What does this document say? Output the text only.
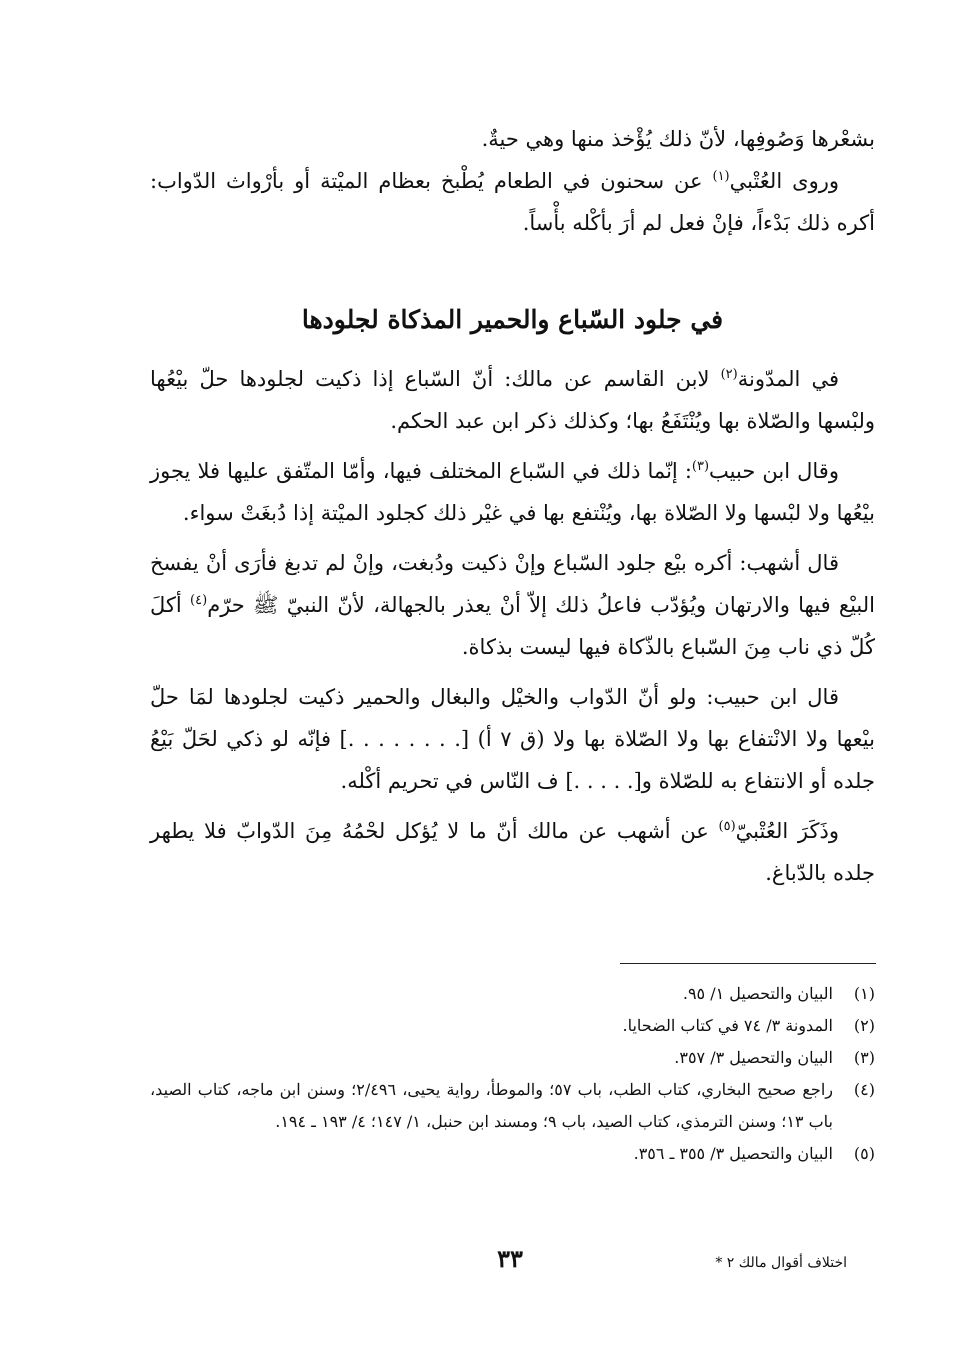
بشعْرها وَصُوفِها، لأنّ ذلك يُؤْخذ منها وهي حيةٌ.

وروى العُتْبي$^{(١)}$ عن سحنون في الطعام يُطْبخ بعظام الميْتة أو بأرْواث الدّواب: أكره ذلك بَدْءاً، فإنْ فعل لم أرَ بأكْله بأْساً.

في جلود السّباع والحمير المذكاة لجلودها

في المدّونة$^{(٢)}$ لابن القاسم عن مالك: أنّ السّباع إذا ذكيت لجلودها حلّ بيْعُها ولبْسها والصّلاة بها ويُنْتَفَعُ بها؛ وكذلك ذكر ابن عبد الحكم.

وقال ابن حبيب$^{(٣)}$: إنّما ذلك في السّباع المختلف فيها، وأمّا المتّفق عليها فلا يجوز بيْعُها ولا لبْسها ولا الصّلاة بها، ويُنْتفع بها في غيْر ذلك كجلود الميْتة إذا دُبغَتْ سواء.

قال أشهب: أكره بيْع جلود السّباع وإنْ ذكيت ودُبغت، وإنْ لم تدبغ فأرَى أنْ يفسخ البيْع فيها والارتهان ويُؤدّب فاعلُ ذلك إلاّ أنْ يعذر بالجهالة، لأنّ النبيّ ﷺ حرّم$^{(٤)}$ أكلَ كُلّ ذي ناب مِنَ السّباع بالذّكاة فيها ليست بذكاة.

قال ابن حبيب: ولو أنّ الدّواب والخيْل والبغال والحمير ذكيت لجلودها لمَا حلّ بيْعها ولا الانْتفاع بها ولا الصّلاة بها ولا (ق ٧ أ) [. . . . . . . .] فإنّه لو ذكي لحَلّ بَيْعُ جلده أو الانتفاع به للصّلاة و[. . . . .] ف النّاس في تحريم أكْله.

وذَكَرَ العُتْبيّ$^{(٥)}$ عن أشهب عن مالك أنّ ما لا يُؤكل لحْمُهُ مِنَ الدّوابّ فلا يطهر جلده بالدّباغ.

(١)
البيان والتحصيل ١/ ٩٥.
(٢)
المدونة ٣/ ٧٤ في كتاب الضحايا.
(٣)
البيان والتحصيل ٣/ ٣٥٧.
(٤)
راجع صحيح البخاري، كتاب الطب، باب ٥٧؛ والموطأ، رواية يحيى، ٢/٤٩٦؛ وسنن ابن ماجه، كتاب الصيد، باب ١٣؛ وسنن الترمذي، كتاب الصيد، باب ٩؛ ومسند ابن حنبل، ١/ ١٤٧؛ ٤/ ١٩٣ ـ ١٩٤.
(٥)
البيان والتحصيل ٣/ ٣٥٥ ـ ٣٥٦.
اختلاف أقوال مالك ٢ *
٣٣
